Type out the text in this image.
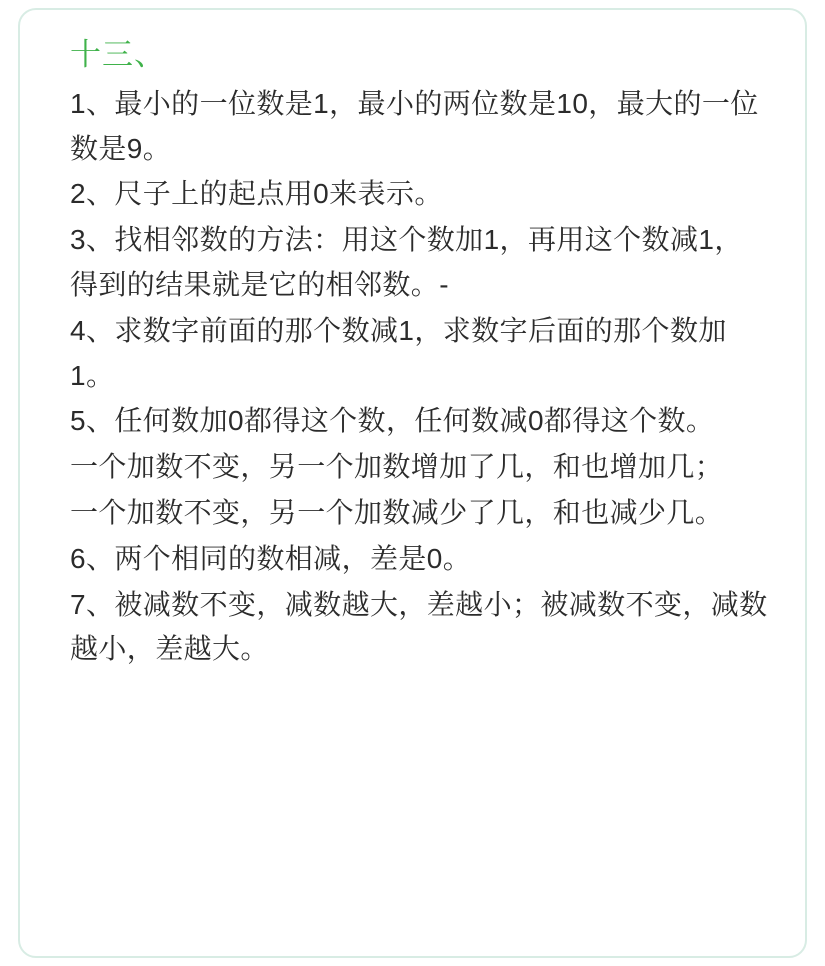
十三、

1、最小的一位数是1，最小的两位数是10，最大的一位数是9。

2、尺子上的起点用0来表示。

3、找相邻数的方法：用这个数加1，再用这个数减1，得到的结果就是它的相邻数。-

4、求数字前面的那个数减1，求数字后面的那个数加1。

5、任何数加0都得这个数，任何数减0都得这个数。

一个加数不变，另一个加数增加了几，和也增加几；

一个加数不变，另一个加数减少了几，和也减少几。

6、两个相同的数相减，差是0。

7、被减数不变，减数越大，差越小；被减数不变，减数越小，差越大。
